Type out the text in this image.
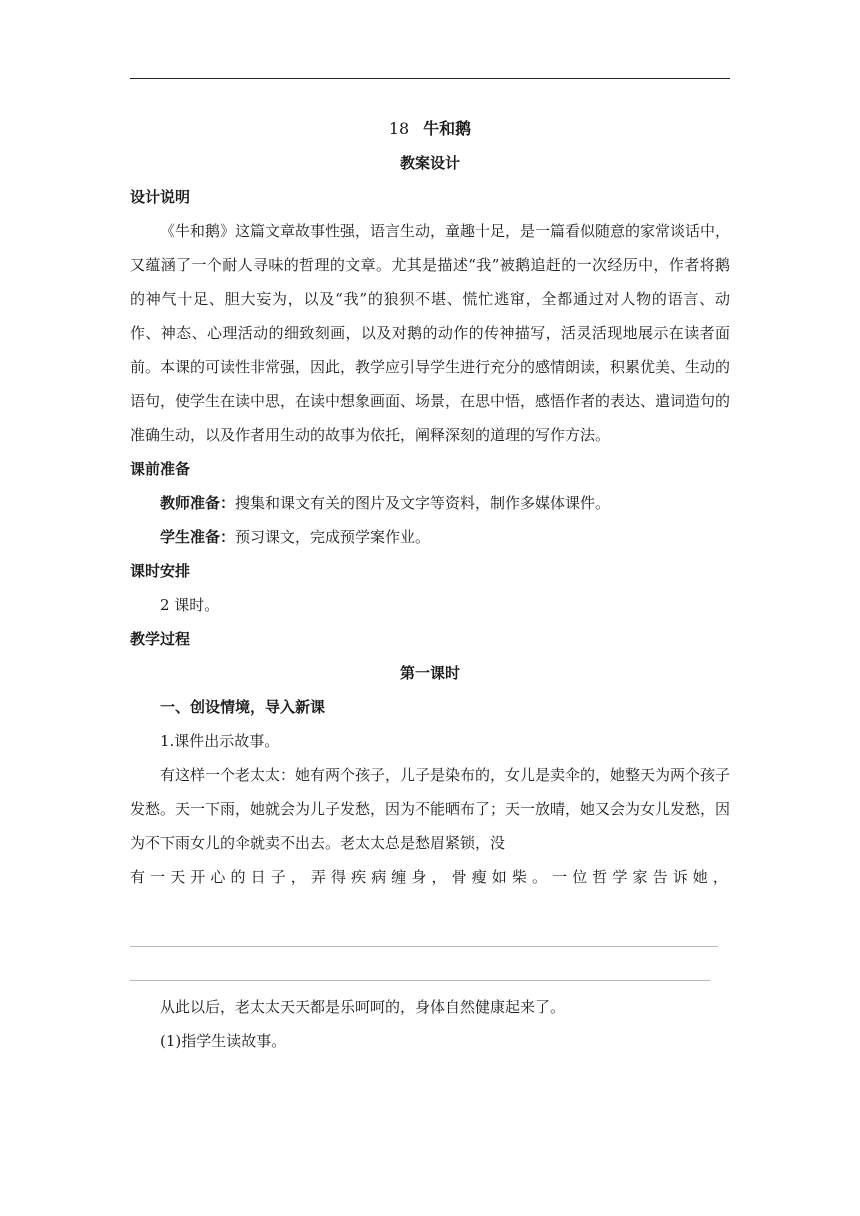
18 牛和鹅
教案设计
设计说明
《牛和鹅》这篇文章故事性强，语言生动，童趣十足，是一篇看似随意的家常谈话中，又蕴涵了一个耐人寻味的哲理的文章。尤其是描述“我”被鹅追赶的一次经历中，作者将鹅的神气十足、胆大妄为，以及“我”的狼狈不堪、慌忙逃窜，全都通过对人物的语言、动作、神态、心理活动的细致刻画，以及对鹅的动作的传神描写，活灵活现地展示在读者面前。本课的可读性非常强，因此，教学应引导学生进行充分的感情朗读，积累优美、生动的语句，使学生在读中思，在读中想象画面、场景，在思中悟，感悟作者的表达、遣词造句的准确生动，以及作者用生动的故事为依托，阐释深刻的道理的写作方法。
课前准备
教师准备：搜集和课文有关的图片及文字等资料，制作多媒体课件。
学生准备：预习课文，完成预学案作业。
课时安排
2 课时。
教学过程
第一课时
一、创设情境，导入新课
1.课件出示故事。
有这样一个老太太：她有两个孩子，儿子是染布的，女儿是卖伞的，她整天为两个孩子发愁。天一下雨，她就会为儿子发愁，因为不能晒布了；天一放晴，她又会为女儿发愁，因为不下雨女儿的伞就卖不出去。老太太总是愁眉紧锁，没
有一天开心的日子，弄得疾病缠身，骨瘦如柴。一位哲学家告诉她，
从此以后，老太太天天都是乐呵呵的，身体自然健康起来了。
(1)指学生读故事。
